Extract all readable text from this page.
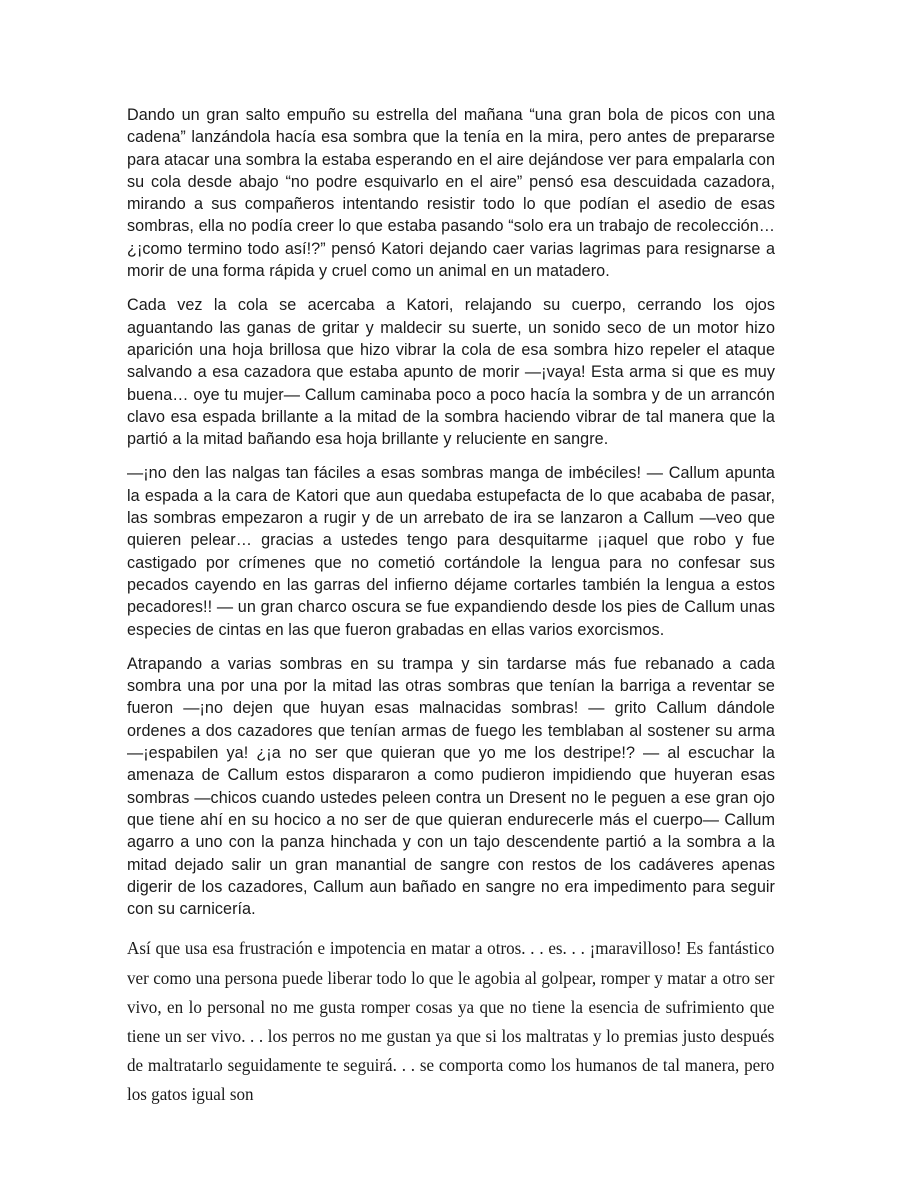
Dando un gran salto empuño su estrella del mañana “una gran bola de picos con una cadena” lanzándola hacía esa sombra que la tenía en la mira, pero antes de prepararse para atacar una sombra la estaba esperando en el aire dejándose ver para empalarla con su cola desde abajo “no podre esquivarlo en el aire” pensó esa descuidada cazadora, mirando a sus compañeros intentando resistir todo lo que podían el asedio de esas sombras, ella no podía creer lo que estaba pasando “solo era un trabajo de recolección… ¿¡como termino todo así!?” pensó Katori dejando caer varias lagrimas para resignarse a morir de una forma rápida y cruel como un animal en un matadero.

Cada vez la cola se acercaba a Katori, relajando su cuerpo, cerrando los ojos aguantando las ganas de gritar y maldecir su suerte, un sonido seco de un motor hizo aparición una hoja brillosa que hizo vibrar la cola de esa sombra hizo repeler el ataque salvando a esa cazadora que estaba apunto de morir —¡vaya! Esta arma si que es muy buena… oye tu mujer— Callum caminaba poco a poco hacía la sombra y de un arrancón clavo esa espada brillante a la mitad de la sombra haciendo vibrar de tal manera que la partió a la mitad bañando esa hoja brillante y reluciente en sangre.

—¡no den las nalgas tan fáciles a esas sombras manga de imbéciles! — Callum apunta la espada a la cara de Katori que aun quedaba estupefacta de lo que acababa de pasar, las sombras empezaron a rugir y de un arrebato de ira se lanzaron a Callum —veo que quieren pelear… gracias a ustedes tengo para desquitarme ¡¡aquel que robo y fue castigado por crímenes que no cometió cortándole la lengua para no confesar sus pecados cayendo en las garras del infierno déjame cortarles también la lengua a estos pecadores!! — un gran charco oscura se fue expandiendo desde los pies de Callum unas especies de cintas en las que fueron grabadas en ellas varios exorcismos.

Atrapando a varias sombras en su trampa y sin tardarse más fue rebanado a cada sombra una por una por la mitad las otras sombras que tenían la barriga a reventar se fueron —¡no dejen que huyan esas malnacidas sombras! — grito Callum dándole ordenes a dos cazadores que tenían armas de fuego les temblaban al sostener su arma —¡espabilen ya! ¿¡a no ser que quieran que yo me los destripe!? — al escuchar la amenaza de Callum estos dispararon a como pudieron impidiendo que huyeran esas sombras —chicos cuando ustedes peleen contra un Dresent no le peguen a ese gran ojo que tiene ahí en su hocico a no ser de que quieran endurecerle más el cuerpo— Callum agarro a uno con la panza hinchada y con un tajo descendente partió a la sombra a la mitad dejado salir un gran manantial de sangre con restos de los cadáveres apenas digerir de los cazadores, Callum aun bañado en sangre no era impedimento para seguir con su carnicería.

Así que usa esa frustración e impotencia en matar a otros. . . es. . . ¡maravilloso! Es fantástico ver como una persona puede liberar todo lo que le agobia al golpear, romper y matar a otro ser vivo, en lo personal no me gusta romper cosas ya que no tiene la esencia de sufrimiento que tiene un ser vivo. . . los perros no me gustan ya que si los maltratas y lo premias justo después de maltratarlo seguidamente te seguirá. . . se comporta como los humanos de tal manera, pero los gatos igual son
